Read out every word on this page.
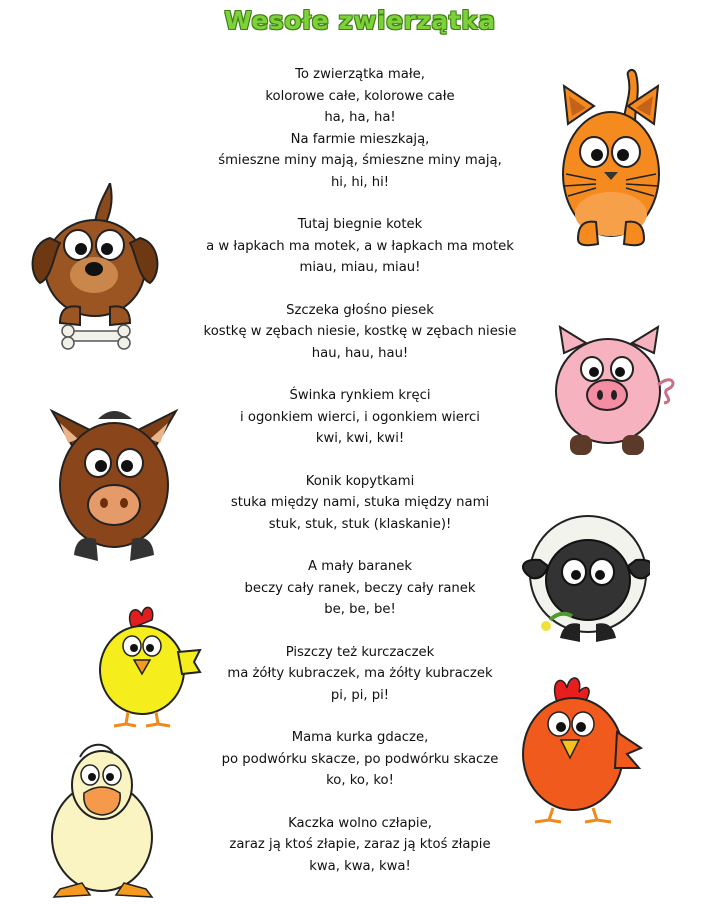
Wesołe zwierzątka
To zwierzątka małe,
kolorowe całe, kolorowe całe
ha, ha, ha!
Na farmie mieszkają,
śmieszne miny mają, śmieszne miny mają,
hi, hi, hi!
Tutaj biegnie kotek
a w łapkach ma motek, a w łapkach ma motek
miau, miau, miau!
Szczeka głośno piesek
kostkę w zębach niesie, kostkę w zębach niesie
hau, hau, hau!
Świnka rynkiem kręci
i ogonkiem wierci, i ogonkiem wierci
kwi, kwi, kwi!
Konik kopytkami
stuka między nami, stuka między nami
stuk, stuk, stuk (klaskanie)!
A mały baranek
beczy cały ranek, beczy cały ranek
be, be, be!
Piszczy też kurczaczek
ma żółty kubraczek, ma żółty kubraczek
pi, pi, pi!
Mama kurka gdacze,
po podwórku skacze, po podwórku skacze
ko, ko, ko!
Kaczka wolno człapie,
zaraz ją ktoś złapie, zaraz ją ktoś złapie
kwa, kwa, kwa!
